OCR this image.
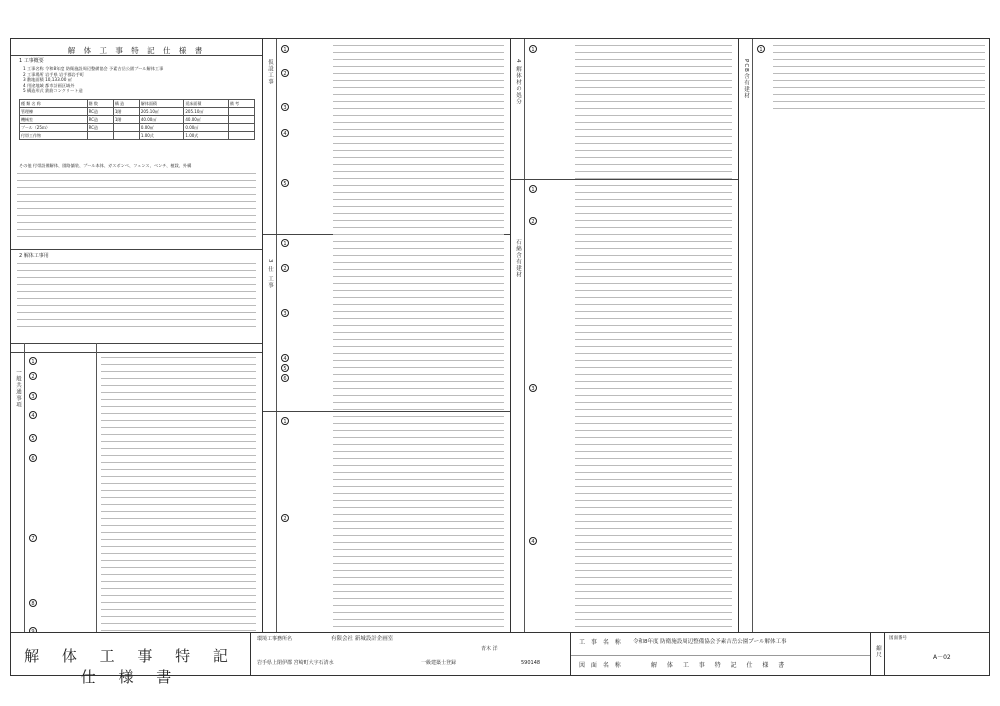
解 体 工 事 特 記 仕 様 書
1 工事概要
1 工事名称 令和8年度 防衛施設周辺整備協会 予素吉岳公園プール解体工事
2 工事場所 岩手県 岩手郡岩手町
3 敷地面積 10,133.00 ㎡
4 用途地域 都市計画区域外
5 構造形式 鉄筋コンクリート造
種 類 名 称	階 数	構 造	解体面積	延床面積	備 考
管理棟	RC造	1階	205.10㎡	205.10㎡	
機械室	RC造	1階	40.00㎡	40.00㎡	
プール（25ｍ）	RC造		0.00㎡	0.00㎡	
付帯工作物			1.00式	1.00式	
その他 付帯設備解体、園路舗装、プール本体、ガスボンベ、フェンス、ベンチ、植栽、外構
2 解体工事用
一般共通事項
1
2
3
4
5
6
7
8
仮設工事
3 仕 工事
1
2
3
4
5
1
2
3
4
5
6
1
2
4 解体材の処分
石綿含有建材
1
1
2
3
4
PCB含有建材
1
解 体 工 事 特 記 仕 様 書
環境工事務所名	有限会社 新城設計企画室
青木 洋
岩手県上閉伊郡 宮崎町大字石清水	一級建築士登録	590148
工 事 名 称 令和8年度 防衛施設周辺整備協会予素吉岳公園プール解体工事
図 面 名 称	解 体 工 事 特 記 仕 様 書
縮尺
図面番号
A－02
